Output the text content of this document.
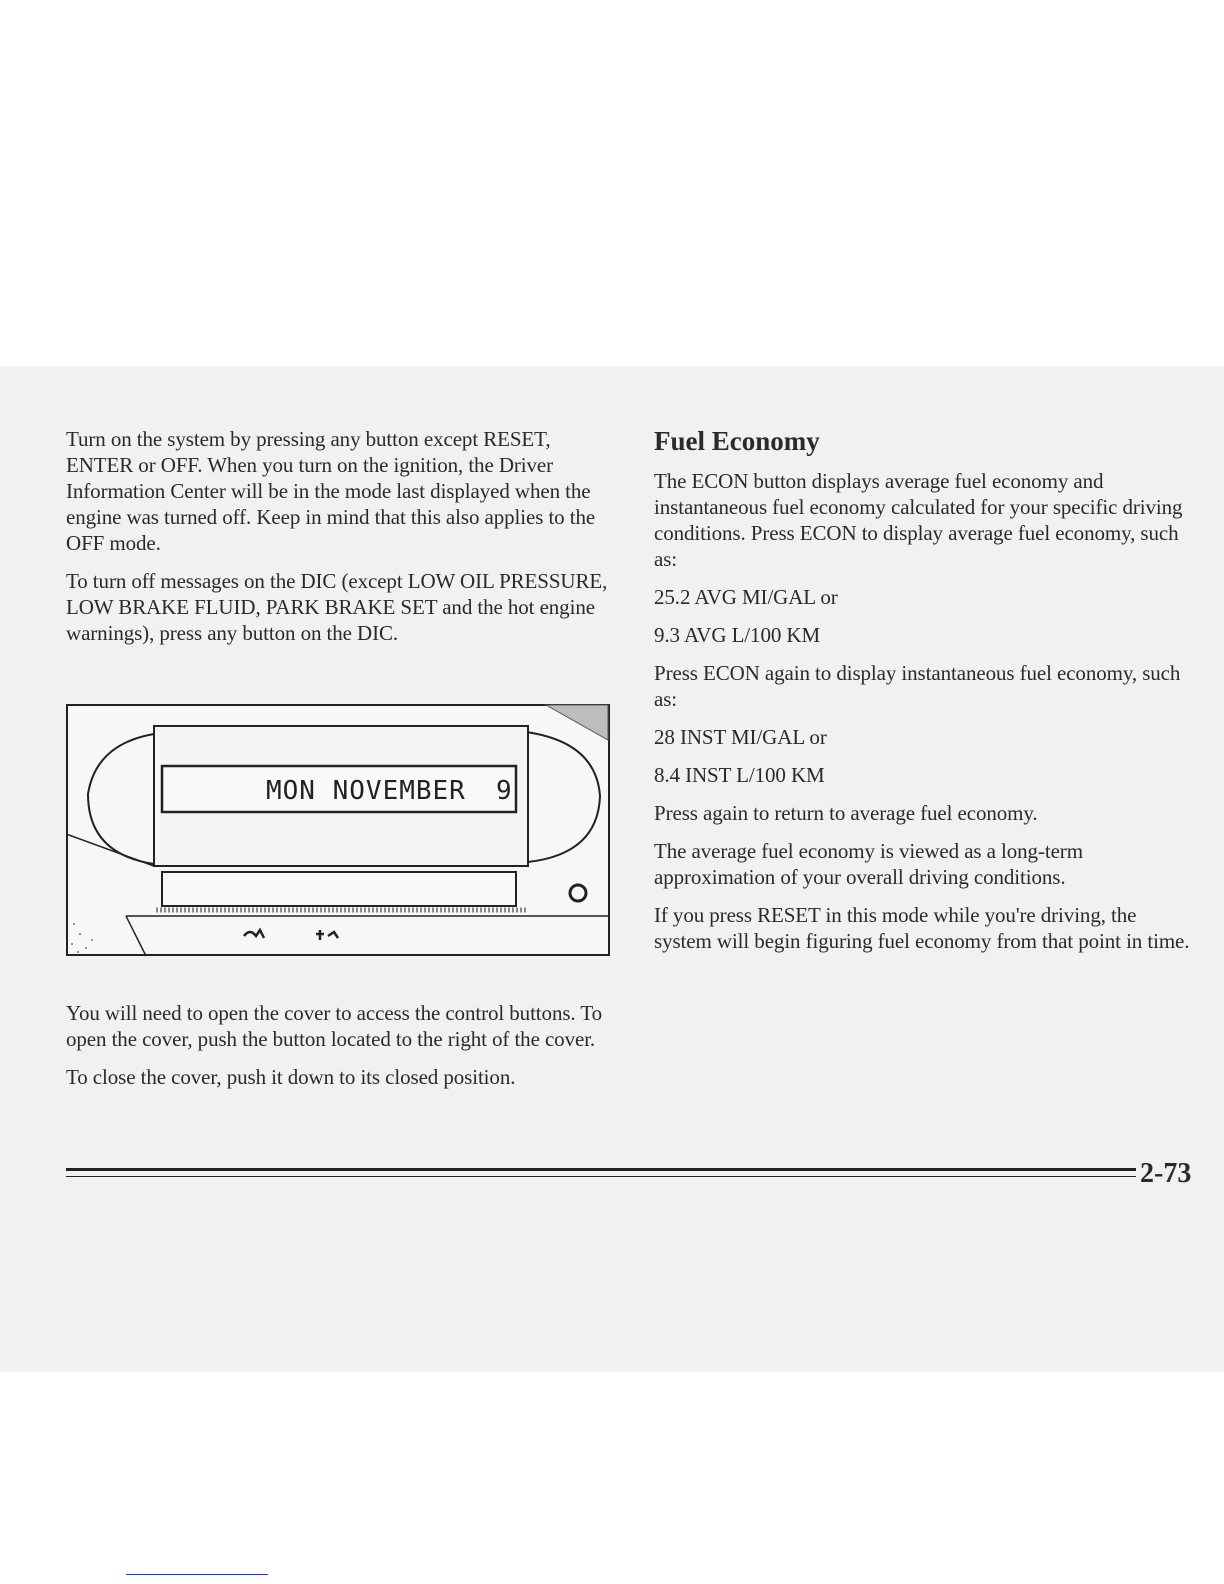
Turn on the system by pressing any button except RESET, ENTER or OFF. When you turn on the ignition, the Driver Information Center will be in the mode last displayed when the engine was turned off. Keep in mind that this also applies to the OFF mode.

To turn off messages on the DIC (except LOW OIL PRESSURE, LOW BRAKE FLUID, PARK BRAKE SET and the hot engine warnings), press any button on the DIC.

MON NOVEMBER 9

You will need to open the cover to access the control buttons. To open the cover, push the button located to the right of the cover.

To close the cover, push it down to its closed position.

Fuel Economy

The ECON button displays average fuel economy and instantaneous fuel economy calculated for your specific driving conditions. Press ECON to display average fuel economy, such as:

25.2 AVG MI/GAL or

9.3 AVG L/100 KM

Press ECON again to display instantaneous fuel economy, such as:

28 INST MI/GAL or

8.4 INST L/100 KM

Press again to return to average fuel economy.

The average fuel economy is viewed as a long-term approximation of your overall driving conditions.

If you press RESET in this mode while you're driving, the system will begin figuring fuel economy from that point in time.

2-73
